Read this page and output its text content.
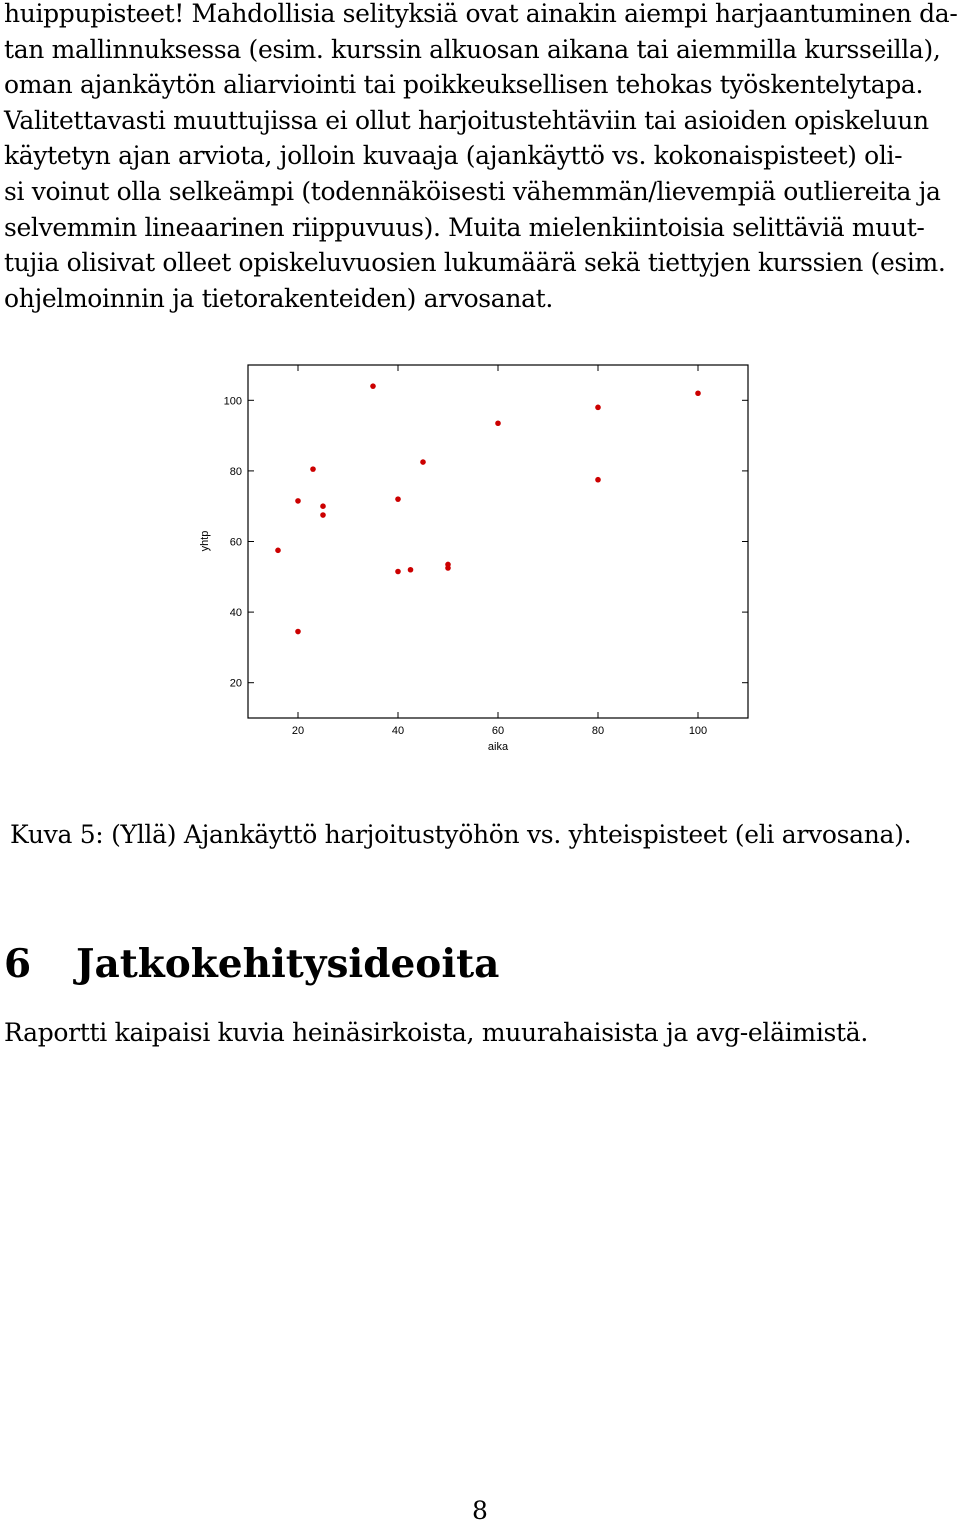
huippupisteet! Mahdollisia selityksiä ovat ainakin aiempi harjaantuminen da-
tan mallinnuksessa (esim. kurssin alkuosan aikana tai aiemmilla kursseilla),
oman ajankäytön aliarviointi tai poikkeuksellisen tehokas työskentelytapa.
Valitettavasti muuttujissa ei ollut harjoitustehtäviin tai asioiden opiskeluun
käytetyn ajan arviota, jolloin kuvaaja (ajankäyttö vs. kokonaispisteet) oli-
si voinut olla selkeämpi (todennäköisesti vähemmän/lievempiä outliereita ja
selvemmin lineaarinen riippuvuus). Muita mielenkiintoisia selittäviä muut-
tujia olisivat olleet opiskeluvuosien lukumäärä sekä tiettyjen kurssien (esim.
ohjelmoinnin ja tietorakenteiden) arvosanat.
20	40	60	80	100
20
40
60
80
100
aika
yhtp
Kuva 5: (Yllä) Ajankäyttö harjoitustyöhön vs. yhteispisteet (eli arvosana).
6 Jatkokehitysideoita
Raportti kaipaisi kuvia heinäsirkoista, muurahaisista ja avg-eläimistä.
8
